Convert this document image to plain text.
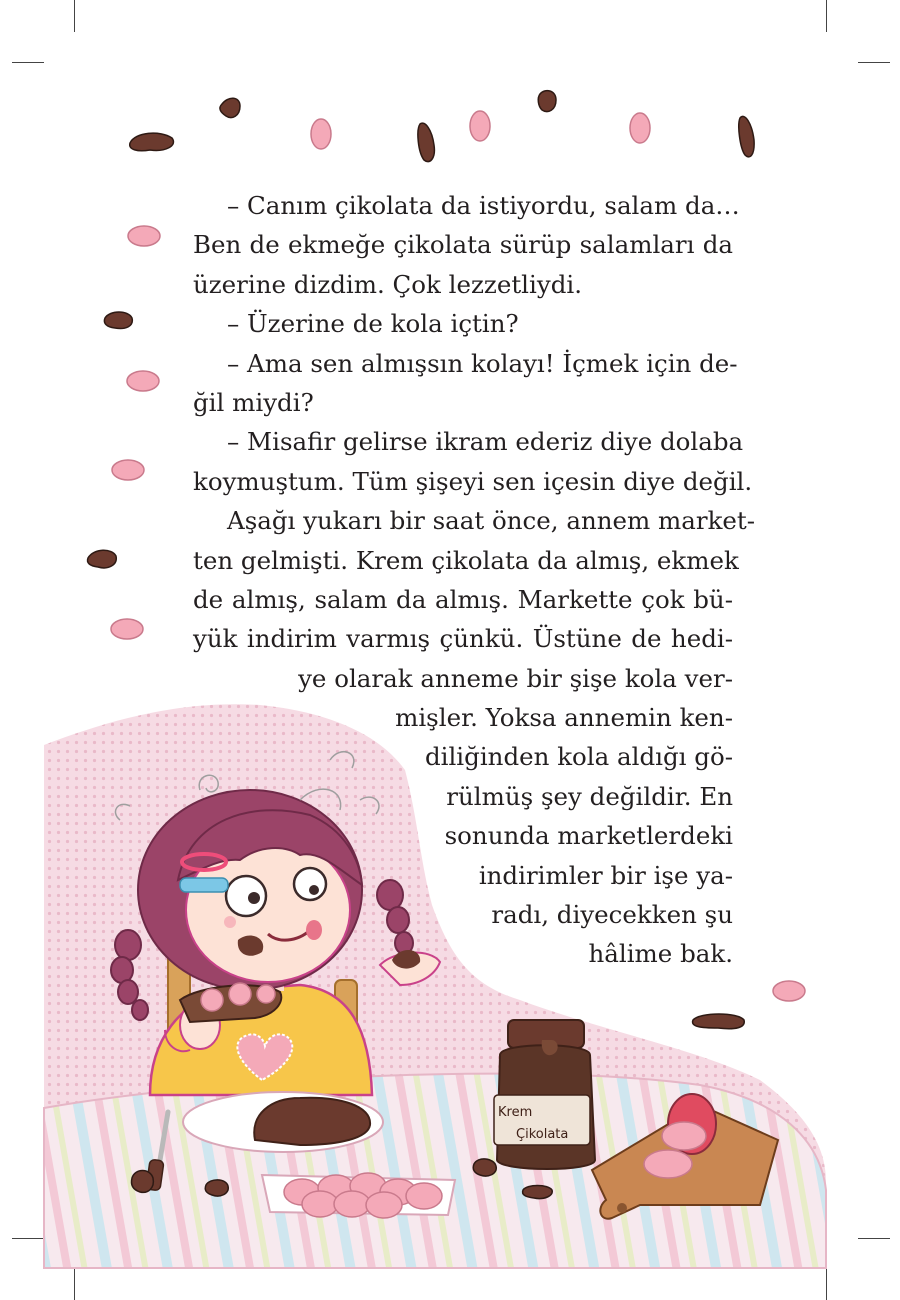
Krem
Çikolata
– Canım çikolata da istiyordu, salam da…
Ben de ekmeğe çikolata sürüp salamları da
üzerine dizdim. Çok lezzetliydi.
– Üzerine de kola içtin?
– Ama sen almışsın kolayı! İçmek için de-
ğil miydi?
– Misafir gelirse ikram ederiz diye dolaba
koymuştum. Tüm şişeyi sen içesin diye değil.
Aşağı yukarı bir saat önce, annem market-
ten gelmişti. Krem çikolata da almış, ekmek
de almış, salam da almış. Markette çok bü-
yük indirim varmış çünkü. Üstüne de hedi-
ye olarak anneme bir şişe kola ver-
mişler. Yoksa annemin ken-
diliğinden kola aldığı gö-
rülmüş şey değildir. En
sonunda marketlerdeki
indirimler bir işe ya-
radı, diyecekken şu
hâlime bak.
